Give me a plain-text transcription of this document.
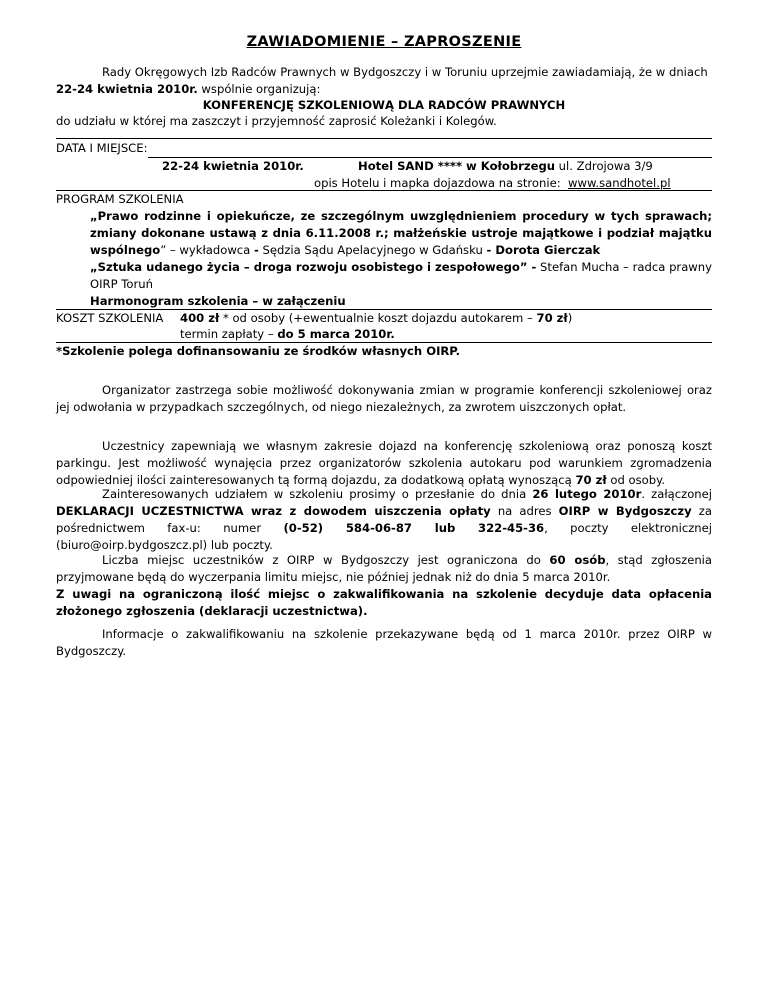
ZAWIADOMIENIE – ZAPROSZENIE
Rady Okręgowych Izb Radców Prawnych w Bydgoszczy i w Toruniu uprzejmie zawiadamiają, że w dniach
22-24 kwietnia 2010r. wspólnie organizują:
KONFERENCJĘ SZKOLENIOWĄ DLA RADCÓW PRAWNYCH
do udziału w której ma zaszczyt i przyjemność zaprosić Koleżanki i Kolegów.
DATA I MIEJSCE:
22-24 kwietnia 2010r.	Hotel SAND **** w Kołobrzegu ul. Zdrojowa 3/9
opis Hotelu i mapka dojazdowa na stronie: www.sandhotel.pl
PROGRAM SZKOLENIA
„Prawo rodzinne i opiekuńcze, ze szczególnym uwzględnieniem procedury w tych sprawach; zmiany dokonane ustawą z dnia 6.11.2008 r.; małżeńskie ustroje majątkowe i podział majątku wspólnego” – wykładowca - Sędzia Sądu Apelacyjnego w Gdańsku - Dorota Gierczak
„Sztuka udanego życia – droga rozwoju osobistego i zespołowego” - Stefan Mucha – radca prawny OIRP Toruń
Harmonogram szkolenia – w załączeniu
KOSZT SZKOLENIA 400 zł * od osoby (+ewentualnie koszt dojazdu autokarem – 70 zł)
termin zapłaty – do 5 marca 2010r.
*Szkolenie polega dofinansowaniu ze środków własnych OIRP.
Organizator zastrzega sobie możliwość dokonywania zmian w programie konferencji szkoleniowej oraz jej odwołania w przypadkach szczególnych, od niego niezależnych, za zwrotem uiszczonych opłat.
Uczestnicy zapewniają we własnym zakresie dojazd na konferencję szkoleniową oraz ponoszą koszt parkingu. Jest możliwość wynajęcia przez organizatorów szkolenia autokaru pod warunkiem zgromadzenia odpowiedniej ilości zainteresowanych tą formą dojazdu, za dodatkową opłatą wynoszącą 70 zł od osoby.
Zainteresowanych udziałem w szkoleniu prosimy o przesłanie do dnia 26 lutego 2010r. załączonej DEKLARACJI UCZESTNICTWA wraz z dowodem uiszczenia opłaty na adres OIRP w Bydgoszczy za pośrednictwem fax-u: numer (0-52) 584-06-87 lub 322-45-36, poczty elektronicznej (biuro@oirp.bydgoszcz.pl) lub poczty.
Liczba miejsc uczestników z OIRP w Bydgoszczy jest ograniczona do 60 osób, stąd zgłoszenia przyjmowane będą do wyczerpania limitu miejsc, nie później jednak niż do dnia 5 marca 2010r.
Z uwagi na ograniczoną ilość miejsc o zakwalifikowania na szkolenie decyduje data opłacenia złożonego zgłoszenia (deklaracji uczestnictwa).
Informacje o zakwalifikowaniu na szkolenie przekazywane będą od 1 marca 2010r. przez OIRP w Bydgoszczy.
